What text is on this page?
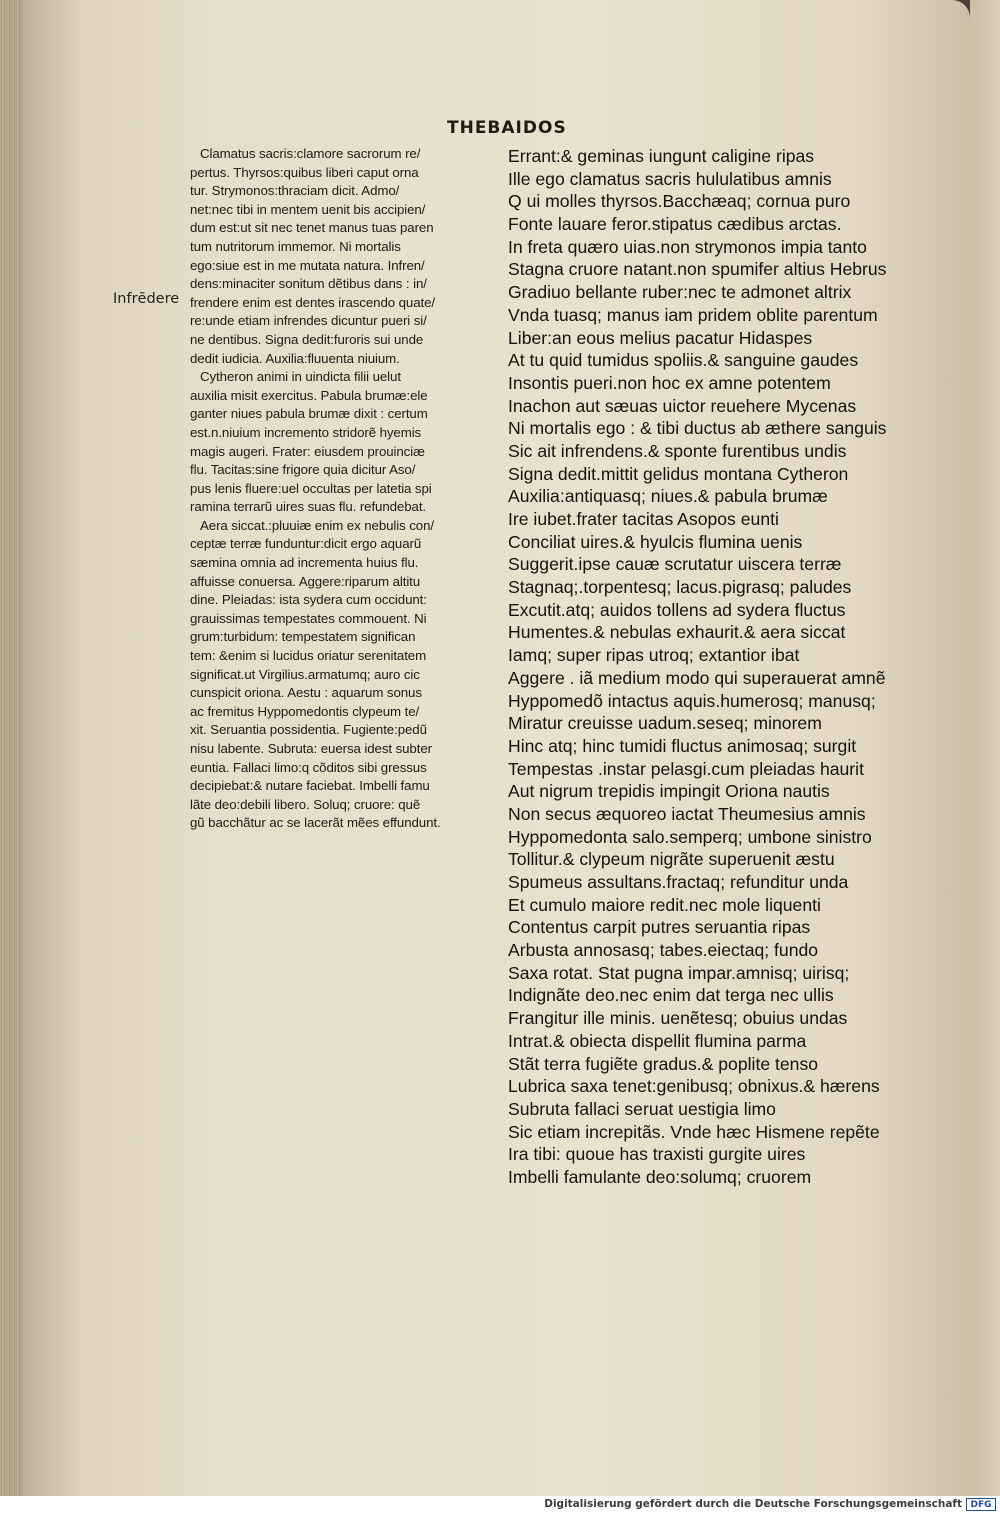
THEBAIDOS
Infrẽdere
Clamatus sacris:clamore sacrorum re/
pertus. Thyrsos:quibus liberi caput orna
tur. Strymonos:thraciam dicit. Admo/
net:nec tibi in mentem uenit bis accipien/
dum est:ut sit nec tenet manus tuas paren
tum nutritorum immemor. Ni mortalis
ego:siue est in me mutata natura. Infren/
dens:minaciter sonitum dẽtibus dans : in/
frendere enim est dentes irascendo quate/
re:unde etiam infrendes dicuntur pueri si/
ne dentibus. Signa dedit:furoris sui unde
dedit iudicia. Auxilia:fluuenta niuium.
Cytheron animi in uindicta filii uelut
auxilia misit exercitus. Pabula brumæ:ele
ganter niues pabula brumæ dixit : certum
est.n.niuium incremento stridorẽ hyemis
magis augeri. Frater: eiusdem prouinciæ
flu. Tacitas:sine frigore quia dicitur Aso/
pus lenis fluere:uel occultas per latetia spi
ramina terrarũ uires suas flu. refundebat.
Aera siccat.:pluuiæ enim ex nebulis con/
ceptæ terræ funduntur:dicit ergo aquarũ
sæmina omnia ad incrementa huius flu.
affuisse conuersa. Aggere:riparum altitu
dine. Pleiadas: ista sydera cum occidunt:
grauissimas tempestates commouent. Ni
grum:turbidum: tempestatem significan
tem: &enim si lucidus oriatur serenitatem
significat.ut Virgilius.armatumq; auro cic
cunspicit oriona. Aestu : aquarum sonus
ac fremitus Hyppomedontis clypeum te/
xit. Seruantia possidentia. Fugiente:pedũ
nisu labente. Subruta: euersa idest subter
euntia. Fallaci limo:q cõditos sibi gressus
decipiebat:& nutare faciebat. Imbelli famu
lãte deo:debili libero. Soluq; cruore: quẽ
gũ bacchãtur ac se lacerãt mẽes effundunt.
Errant:& geminas iungunt caligine ripas
Ille ego clamatus sacris hululatibus amnis
Q ui molles thyrsos.Bacchæaq; cornua puro
Fonte lauare feror.stipatus cædibus arctas.
In freta quæro uias.non strymonos impia tanto
Stagna cruore natant.non spumifer altius Hebrus
Gradiuo bellante ruber:nec te admonet altrix
Vnda tuasq; manus iam pridem oblite parentum
Liber:an eous melius pacatur Hidaspes
At tu quid tumidus spoliis.& sanguine gaudes
Insontis pueri.non hoc ex amne potentem
Inachon aut sæuas uictor reuehere Mycenas
Ni mortalis ego : & tibi ductus ab æthere sanguis
Sic ait infrendens.& sponte furentibus undis
Signa dedit.mittit gelidus montana Cytheron
Auxilia:antiquasq; niues.& pabula brumæ
Ire iubet.frater tacitas Asopos eunti
Conciliat uires.& hyulcis flumina uenis
Suggerit.ipse cauæ scrutatur uiscera terræ
Stagnaq;.torpentesq; lacus.pigrasq; paludes
Excutit.atq; auidos tollens ad sydera fluctus
Humentes.& nebulas exhaurit.& aera siccat
Iamq; super ripas utroq; extantior ibat
Aggere . iã medium modo qui superauerat amnẽ
Hyppomedõ intactus aquis.humerosq; manusq;
Miratur creuisse uadum.seseq; minorem
Hinc atq; hinc tumidi fluctus animosaq; surgit
Tempestas .instar pelasgi.cum pleiadas haurit
Aut nigrum trepidis impingit Oriona nautis
Non secus æquoreo iactat Theumesius amnis
Hyppomedonta salo.semperq; umbone sinistro
Tollitur.& clypeum nigrãte superuenit æstu
Spumeus assultans.fractaq; refunditur unda
Et cumulo maiore redit.nec mole liquenti
Contentus carpit putres seruantia ripas
Arbusta annosasq; tabes.eiectaq; fundo
Saxa rotat. Stat pugna impar.amnisq; uirisq;
Indignãte deo.nec enim dat terga nec ullis
Frangitur ille minis. uenẽtesq; obuius undas
Intrat.& obiecta dispellit flumina parma
Stãt terra fugiẽte gradus.& poplite tenso
Lubrica saxa tenet:genibusq; obnixus.& hærens
Subruta fallaci seruat uestigia limo
Sic etiam increpitãs. Vnde hæc Hismene repẽte
Ira tibi: quoue has traxisti gurgite uires
Imbelli famulante deo:solumq; cruorem
Digitalisierung gefördert durch die Deutsche Forschungsgemeinschaft DFG
